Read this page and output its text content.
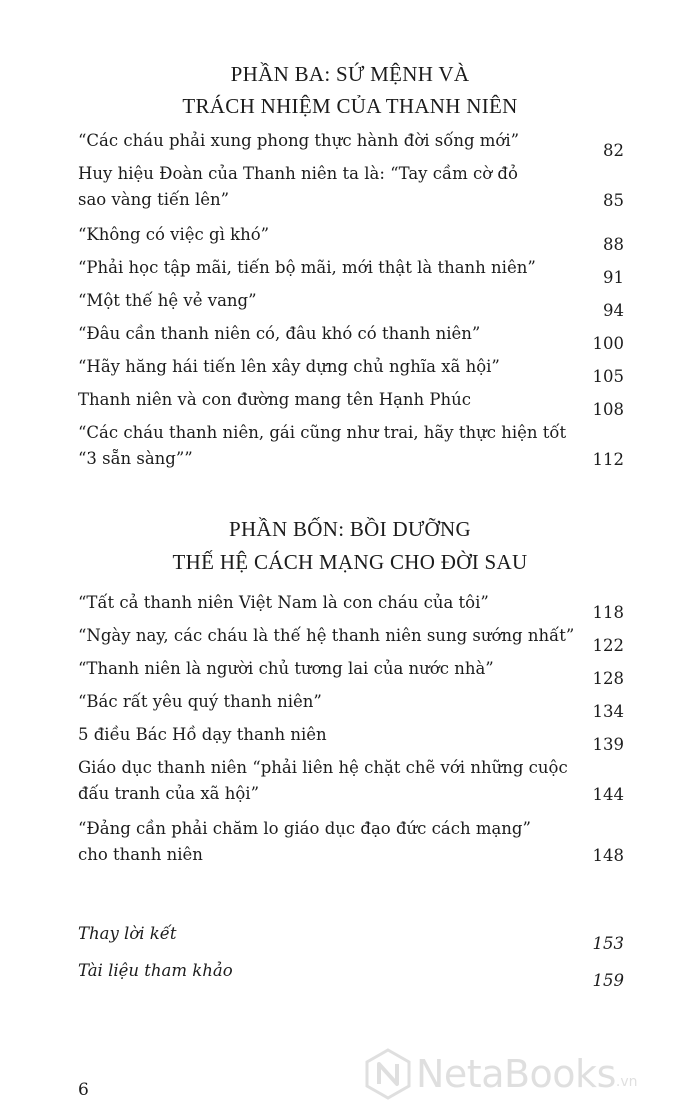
PHẦN BA: SỨ MỆNH VÀ
TRÁCH NHIỆM CỦA THANH NIÊN
“Các cháu phải xung phong thực hành đời sống mới”	82
Huy hiệu Đoàn của Thanh niên ta là: “Tay cầm cờ đỏ
sao vàng tiến lên”	85
“Không có việc gì khó”	88
“Phải học tập mãi, tiến bộ mãi, mới thật là thanh niên”	91
“Một thế hệ vẻ vang”	94
“Đâu cần thanh niên có, đâu khó có thanh niên”	100
“Hãy hăng hái tiến lên xây dựng chủ nghĩa xã hội”	105
Thanh niên và con đường mang tên Hạnh Phúc	108
“Các cháu thanh niên, gái cũng như trai, hãy thực hiện tốt
“3 sẵn sàng””	112
PHẦN BỐN: BỒI DƯỠNG
THẾ HỆ CÁCH MẠNG CHO ĐỜI SAU
“Tất cả thanh niên Việt Nam là con cháu của tôi”	118
“Ngày nay, các cháu là thế hệ thanh niên sung sướng nhất” 122
“Thanh niên là người chủ tương lai của nước nhà”	128
“Bác rất yêu quý thanh niên”	134
5 điều Bác Hồ dạy thanh niên	139
Giáo dục thanh niên “phải liên hệ chặt chẽ với những cuộc
đấu tranh của xã hội”	144
“Đảng cần phải chăm lo giáo dục đạo đức cách mạng”
cho thanh niên	148
Thay lời kết	153
Tài liệu tham khảo	159
6	NetaBooks .vn
